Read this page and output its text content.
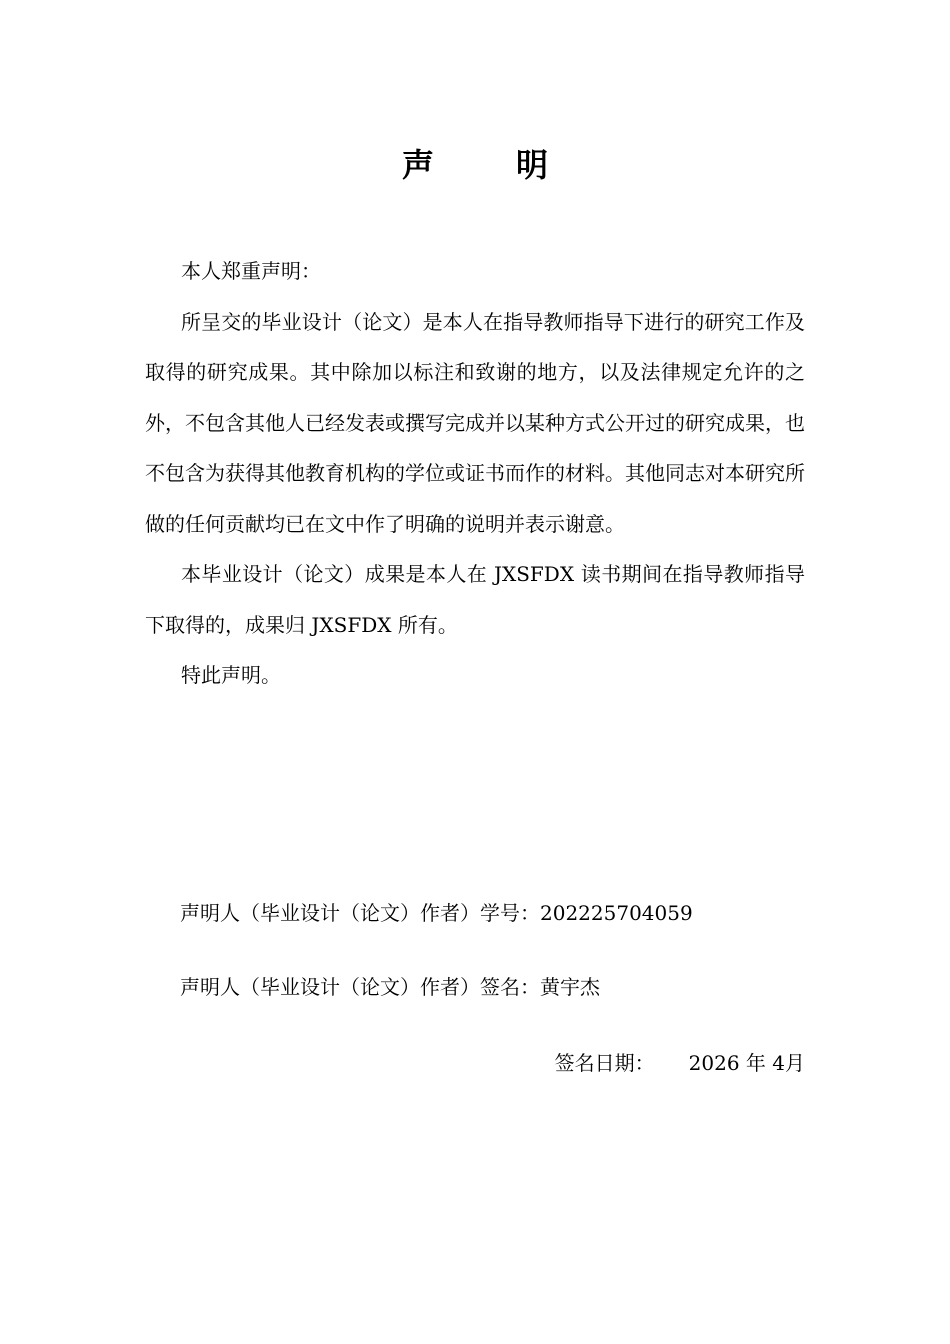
声明

本人郑重声明：

所呈交的毕业设计（论文）是本人在指导教师指导下进行的研究工作及取得的研究成果。其中除加以标注和致谢的地方，以及法律规定允许的之外，不包含其他人已经发表或撰写完成并以某种方式公开过的研究成果，也不包含为获得其他教育机构的学位或证书而作的材料。其他同志对本研究所做的任何贡献均已在文中作了明确的说明并表示谢意。

本毕业设计（论文）成果是本人在 JXSFDX 读书期间在指导教师指导下取得的，成果归 JXSFDX 所有。

特此声明。

声明人（毕业设计（论文）作者）学号：202225704059
声明人（毕业设计（论文）作者）签名：黄宇杰
签名日期： 2026 年 4月
